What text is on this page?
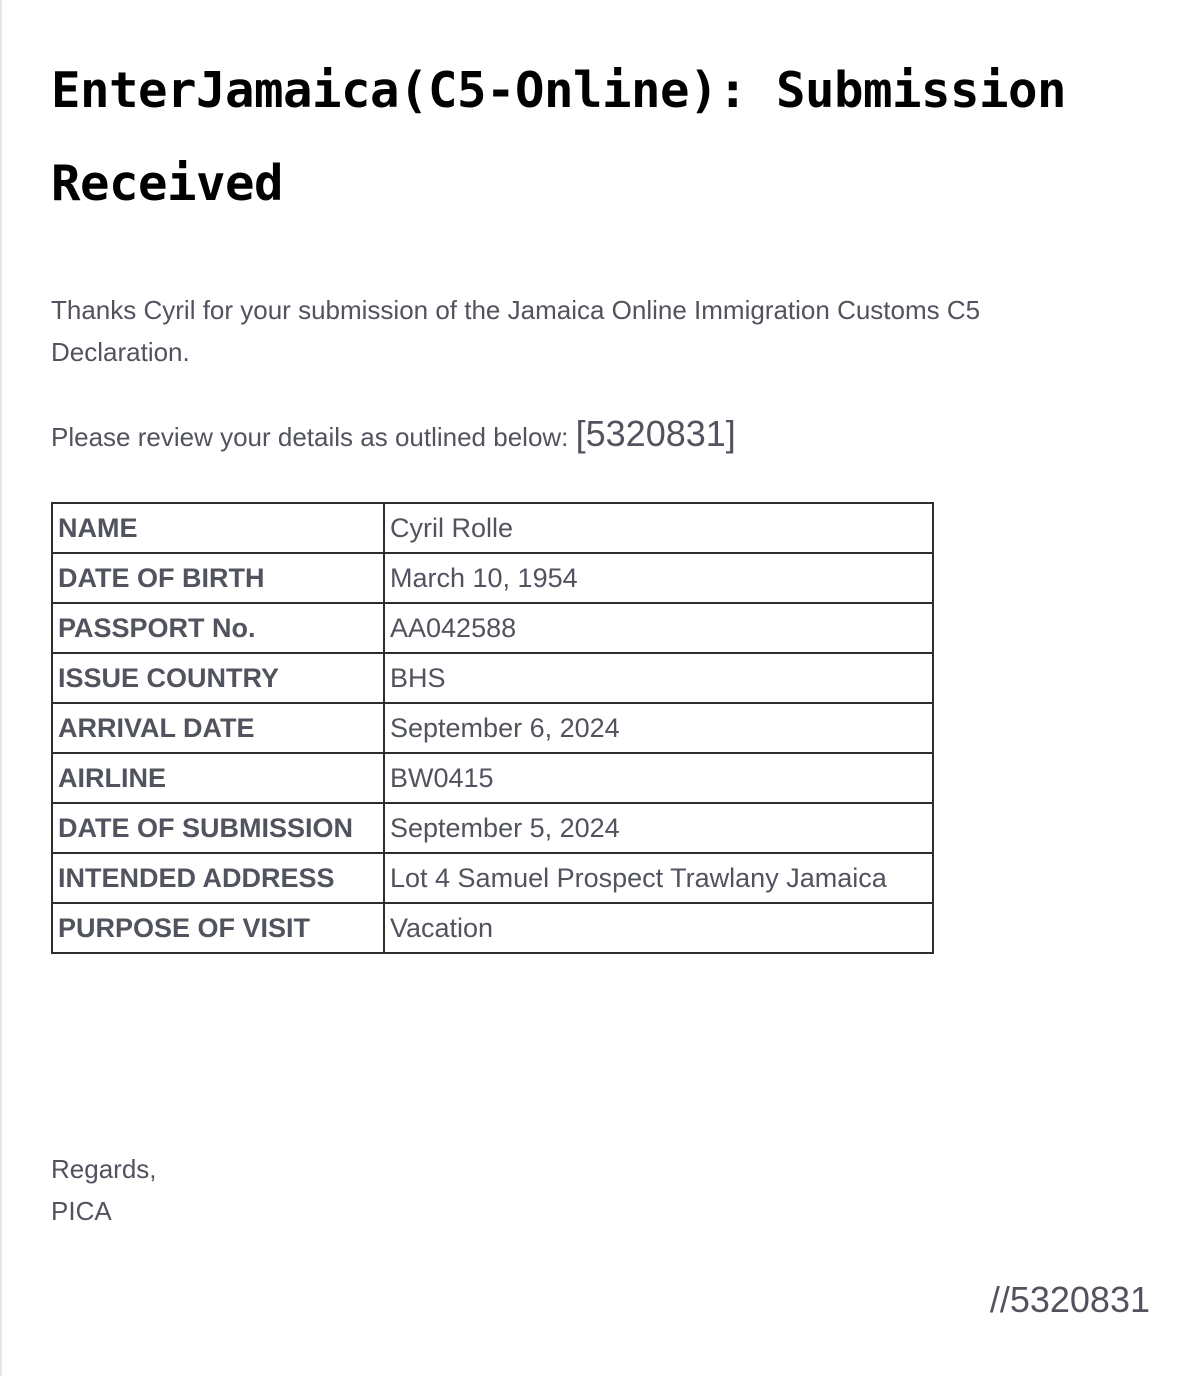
EnterJamaica(C5-Online): Submission Received

Thanks Cyril for your submission of the Jamaica Online Immigration Customs C5 Declaration.

Please review your details as outlined below: [5320831]

NAME	Cyril Rolle
DATE OF BIRTH	March 10, 1954
PASSPORT No.	AA042588
ISSUE COUNTRY	BHS
ARRIVAL DATE	September 6, 2024
AIRLINE	BW0415
DATE OF SUBMISSION	September 5, 2024
INTENDED ADDRESS	Lot 4 Samuel Prospect Trawlany Jamaica
PURPOSE OF VISIT	Vacation
Regards,
PICA
//5320831
